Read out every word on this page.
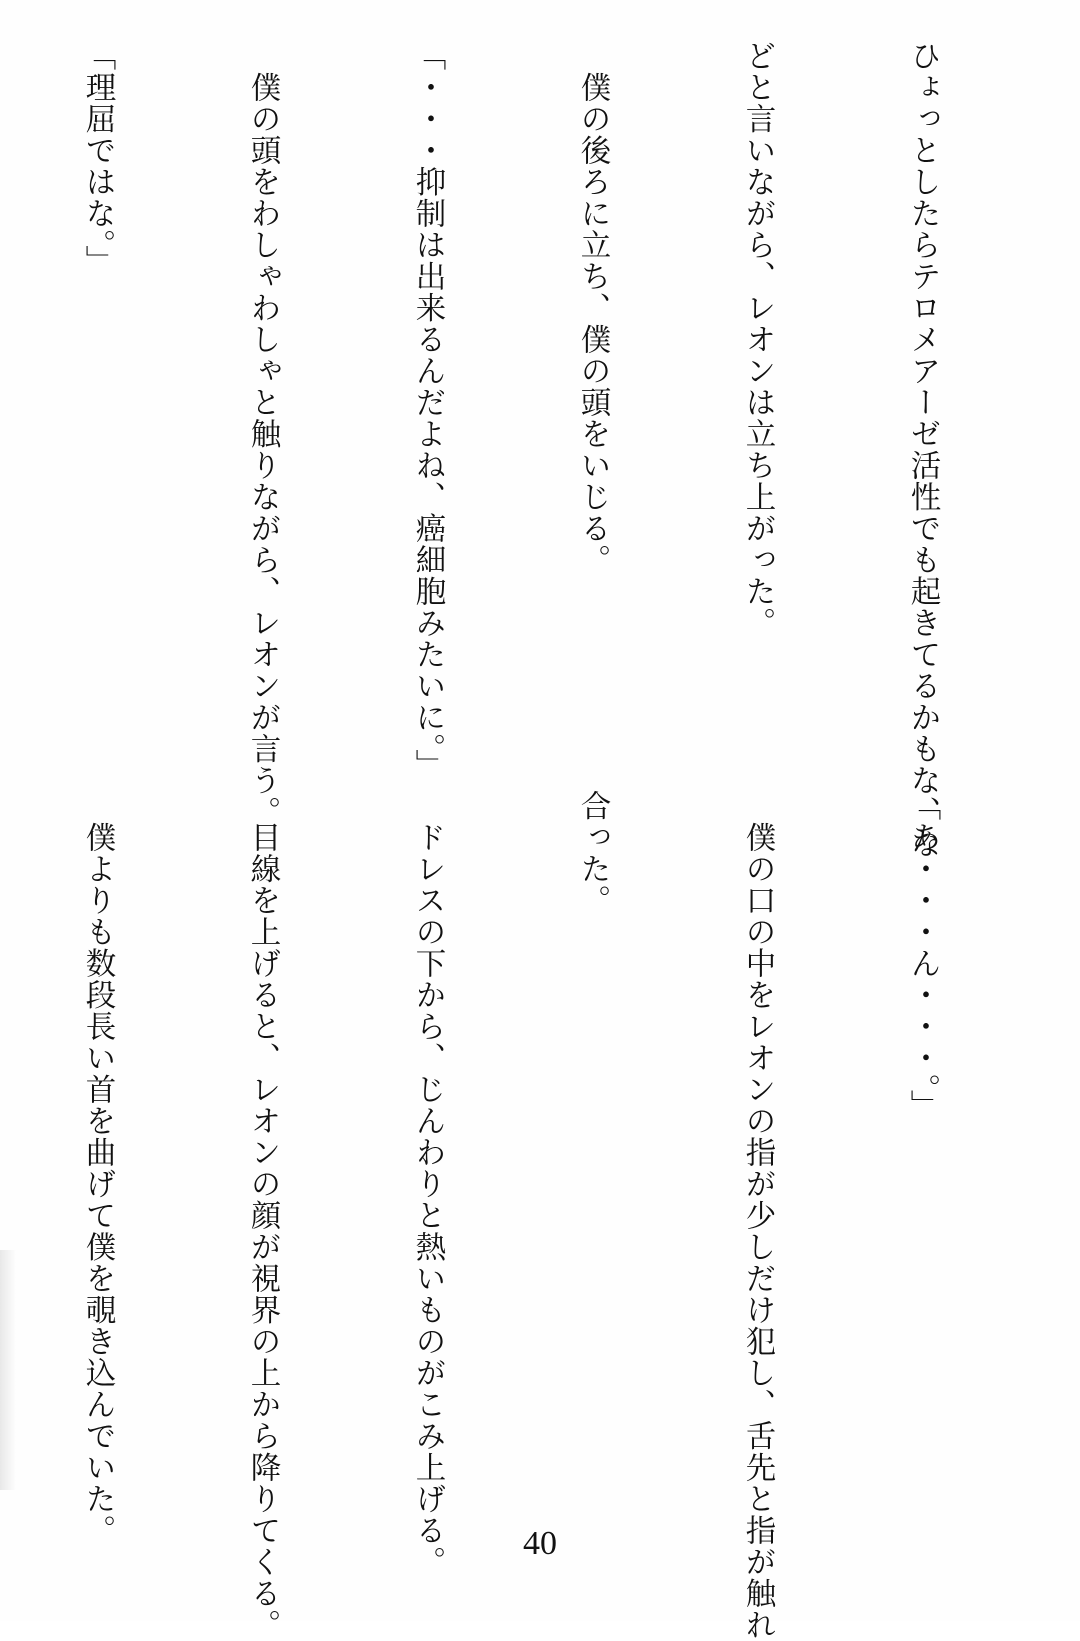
ひょっとしたらテロメアーゼ活性でも起きてるかもな、な

どと言いながら、レオンは立ち上がった。

　僕の後ろに立ち、僕の頭をいじる。

「・・・抑制は出来るんだよね、癌細胞みたいに。」

　僕の頭をわしゃわしゃと触りながら、レオンが言う。

「理屈ではな。」

「あ・・・ん・・・。」

　僕の口の中をレオンの指が少しだけ犯し、舌先と指が触れ

合った。

　ドレスの下から、じんわりと熱いものがこみ上げる。

　目線を上げると、レオンの顔が視界の上から降りてくる。

　僕よりも数段長い首を曲げて僕を覗き込んでいた。

	40
